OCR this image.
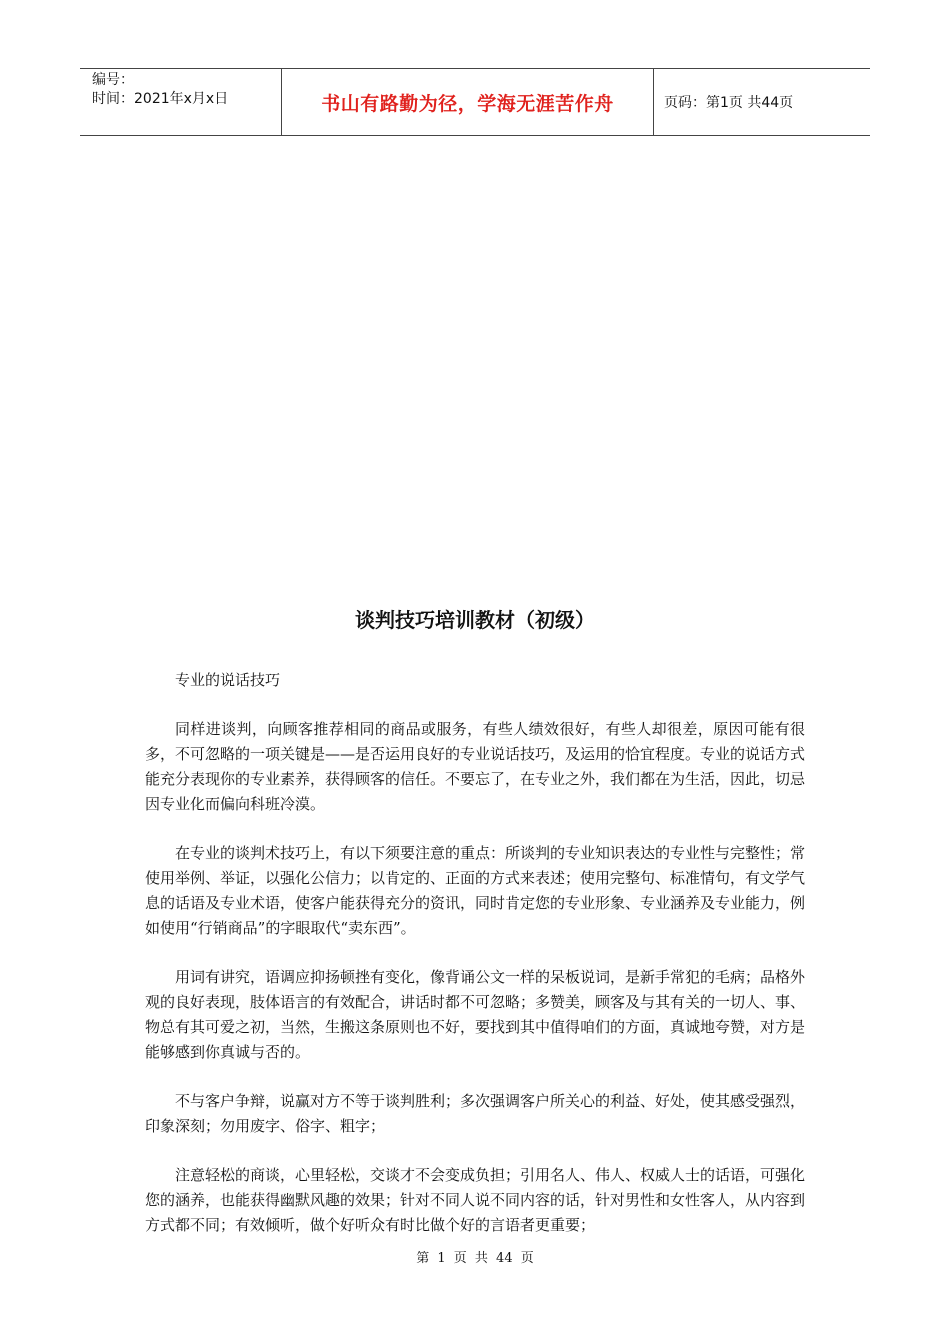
编号：
时间：2021年x月x日	书山有路勤为径，学海无涯苦作舟	页码：第1页 共44页
谈判技巧培训教材（初级）

专业的说话技巧

同样进谈判，向顾客推荐相同的商品或服务，有些人绩效很好，有些人却很差，原因可能有很多，不可忽略的一项关键是——是否运用良好的专业说话技巧，及运用的恰宜程度。专业的说话方式能充分表现你的专业素养，获得顾客的信任。不要忘了，在专业之外，我们都在为生活，因此，切忌因专业化而偏向科班冷漠。

在专业的谈判术技巧上，有以下须要注意的重点：所谈判的专业知识表达的专业性与完整性；常使用举例、举证，以强化公信力；以肯定的、正面的方式来表述；使用完整句、标准情句，有文学气息的话语及专业术语，使客户能获得充分的资讯，同时肯定您的专业形象、专业涵养及专业能力，例如使用“行销商品”的字眼取代“卖东西”。

用词有讲究，语调应抑扬顿挫有变化，像背诵公文一样的呆板说词，是新手常犯的毛病；品格外观的良好表现，肢体语言的有效配合，讲话时都不可忽略；多赞美，顾客及与其有关的一切人、事、物总有其可爱之初，当然，生搬这条原则也不好，要找到其中值得咱们的方面，真诚地夸赞，对方是能够感到你真诚与否的。

不与客户争辩，说赢对方不等于谈判胜利；多次强调客户所关心的利益、好处，使其感受强烈，印象深刻；勿用废字、俗字、粗字；

注意轻松的商谈，心里轻松，交谈才不会变成负担；引用名人、伟人、权威人士的话语，可强化您的涵养，也能获得幽默风趣的效果；针对不同人说不同内容的话，针对男性和女性客人，从内容到方式都不同；有效倾听，做个好听众有时比做个好的言语者更重要；

第 1 页 共 44 页
